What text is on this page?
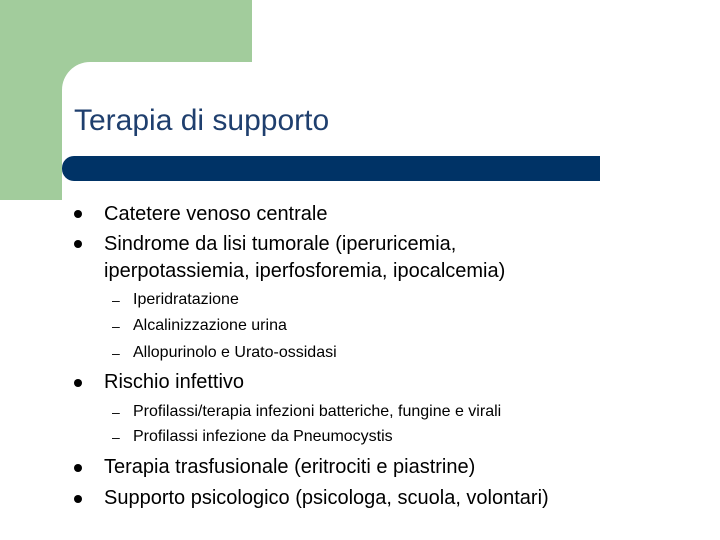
Terapia di supporto
Catetere venoso centrale
Sindrome da lisi tumorale (iperuricemia,
iperpotassiemia, iperfosforemia, ipocalcemia)
– Iperidratazione
– Alcalinizzazione urina
– Allopurinolo e Urato-ossidasi
Rischio infettivo
– Profilassi/terapia infezioni batteriche, fungine e virali
– Profilassi infezione da Pneumocystis
Terapia trasfusionale (eritrociti e piastrine)
Supporto psicologico (psicologa, scuola, volontari)
